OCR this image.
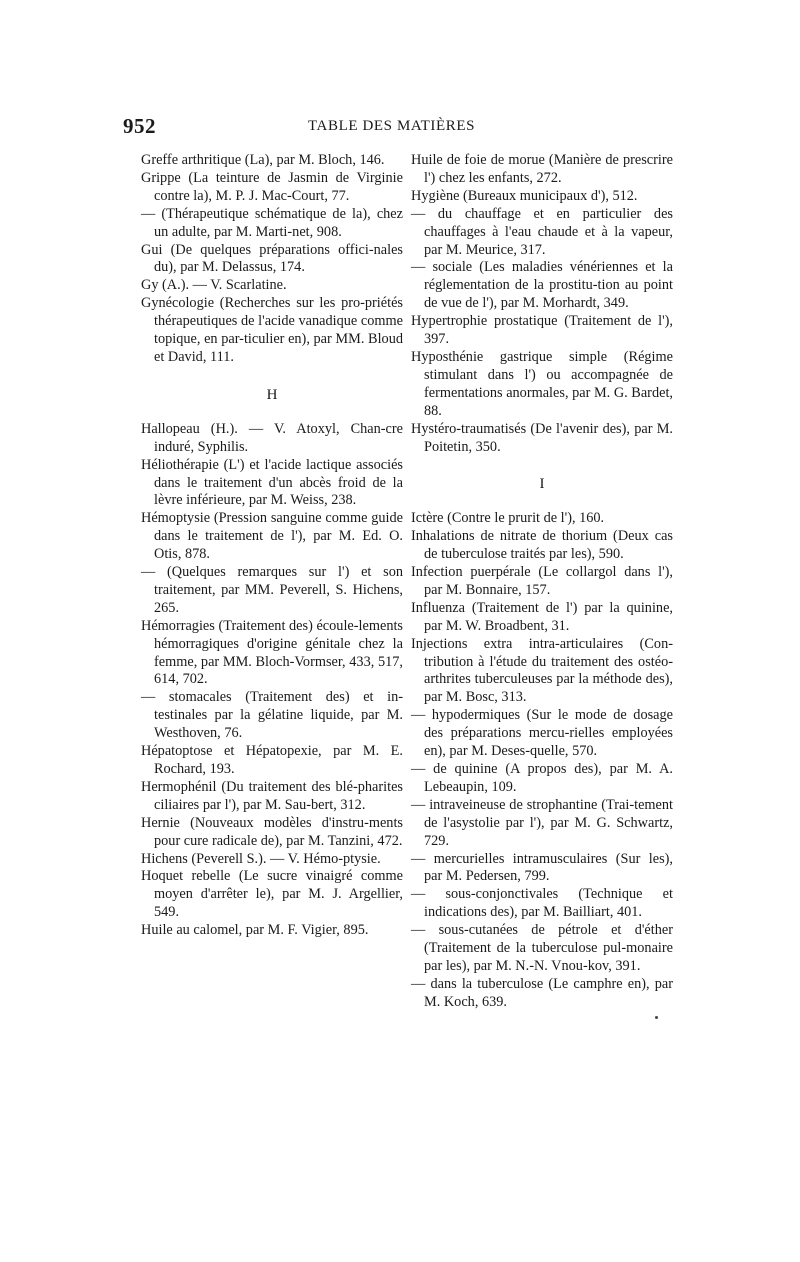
952	TABLE DES MATIÈRES

Greffe arthritique (La), par M. Bloch, 146.

Grippe (La teinture de Jasmin de Virginie contre la), M. P. J. Mac-Court, 77.

— (Thérapeutique schématique de la), chez un adulte, par M. Marti-net, 908.

Gui (De quelques préparations offici-nales du), par M. Delassus, 174.

Gy (A.). — V. Scarlatine.

Gynécologie (Recherches sur les pro-priétés thérapeutiques de l'acide vanadique comme topique, en par-ticulier en), par MM. Bloud et David, 111.

H

Hallopeau (H.). — V. Atoxyl, Chan-cre induré, Syphilis.

Héliothérapie (L') et l'acide lactique associés dans le traitement d'un abcès froid de la lèvre inférieure, par M. Weiss, 238.

Hémoptysie (Pression sanguine comme guide dans le traitement de l'), par M. Ed. O. Otis, 878.

— (Quelques remarques sur l') et son traitement, par MM. Peverell, S. Hichens, 265.

Hémorragies (Traitement des) écoule-lements hémorragiques d'origine génitale chez la femme, par MM. Bloch-Vormser, 433, 517, 614, 702.

— stomacales (Traitement des) et in-testinales par la gélatine liquide, par M. Westhoven, 76.

Hépatoptose et Hépatopexie, par M. E. Rochard, 193.

Hermophénil (Du traitement des blé-pharites ciliaires par l'), par M. Sau-bert, 312.

Hernie (Nouveaux modèles d'instru-ments pour cure radicale de), par M. Tanzini, 472.

Hichens (Peverell S.). — V. Hémo-ptysie.

Hoquet rebelle (Le sucre vinaigré comme moyen d'arrêter le), par M. J. Argellier, 549.

Huile au calomel, par M. F. Vigier, 895.

Huile de foie de morue (Manière de prescrire l') chez les enfants, 272.

Hygiène (Bureaux municipaux d'), 512.

— du chauffage et en particulier des chauffages à l'eau chaude et à la vapeur, par M. Meurice, 317.

— sociale (Les maladies vénériennes et la réglementation de la prostitu-tion au point de vue de l'), par M. Morhardt, 349.

Hypertrophie prostatique (Traitement de l'), 397.

Hyposthénie gastrique simple (Régime stimulant dans l') ou accompagnée de fermentations anormales, par M. G. Bardet, 88.

Hystéro-traumatisés (De l'avenir des), par M. Poitetin, 350.

I

Ictère (Contre le prurit de l'), 160.

Inhalations de nitrate de thorium (Deux cas de tuberculose traités par les), 590.

Infection puerpérale (Le collargol dans l'), par M. Bonnaire, 157.

Influenza (Traitement de l') par la quinine, par M. W. Broadbent, 31.

Injections extra intra-articulaires (Con-tribution à l'étude du traitement des ostéo-arthrites tuberculeuses par la méthode des), par M. Bosc, 313.

— hypodermiques (Sur le mode de dosage des préparations mercu-rielles employées en), par M. Deses-quelle, 570.

— de quinine (A propos des), par M. A. Lebeaupin, 109.

— intraveineuse de strophantine (Trai-tement de l'asystolie par l'), par M. G. Schwartz, 729.

— mercurielles intramusculaires (Sur les), par M. Pedersen, 799.

— sous-conjonctivales (Technique et indications des), par M. Bailliart, 401.

— sous-cutanées de pétrole et d'éther (Traitement de la tuberculose pul-monaire par les), par M. N.-N. Vnou-kov, 391.

— dans la tuberculose (Le camphre en), par M. Koch, 639.
